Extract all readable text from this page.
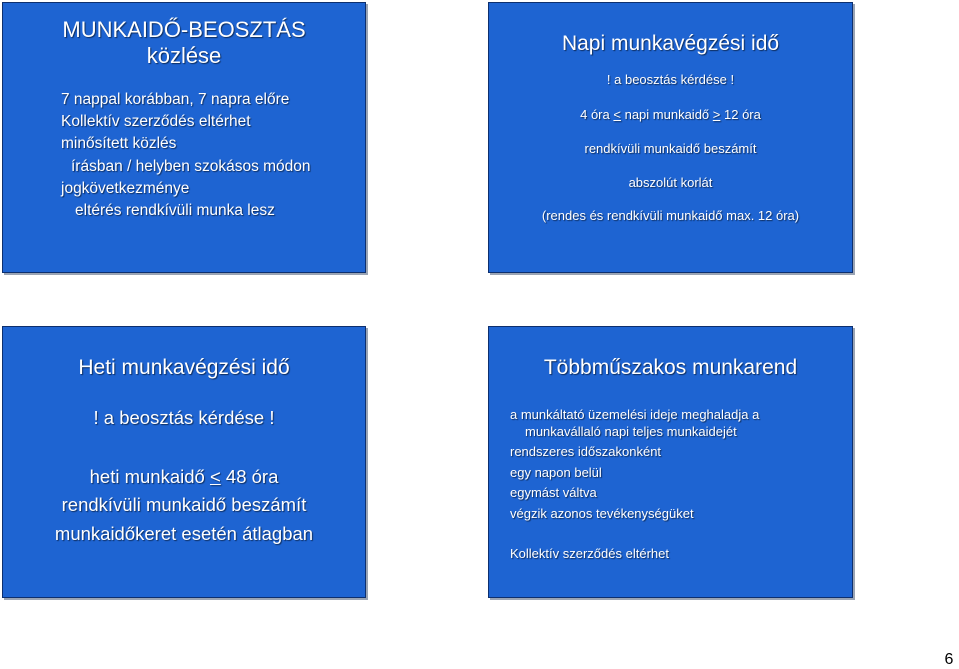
MUNKAIDŐ-BEOSZTÁS
közlése
7 nappal korábban, 7 napra előre
Kollektív szerződés eltérhet
minősített közlés
írásban / helyben szokásos módon
jogkövetkezménye
eltérés rendkívüli munka lesz
Napi munkavégzési idő
! a beosztás kérdése !
4 óra < napi munkaidő > 12 óra
rendkívüli munkaidő beszámít
abszolút korlát
(rendes és rendkívüli munkaidő max. 12 óra)
Heti munkavégzési idő
! a beosztás kérdése !
heti munkaidő ≤ 48 óra
rendkívüli munkaidő beszámít
munkaidőkeret esetén átlagban
Többműszakos munkarend
a munkáltató üzemelési ideje meghaladja a
munkavállaló napi teljes munkaidejét
rendszeres időszakonként
egy napon belül
egymást váltva
végzik azonos tevékenységüket
Kollektív szerződés eltérhet
6
